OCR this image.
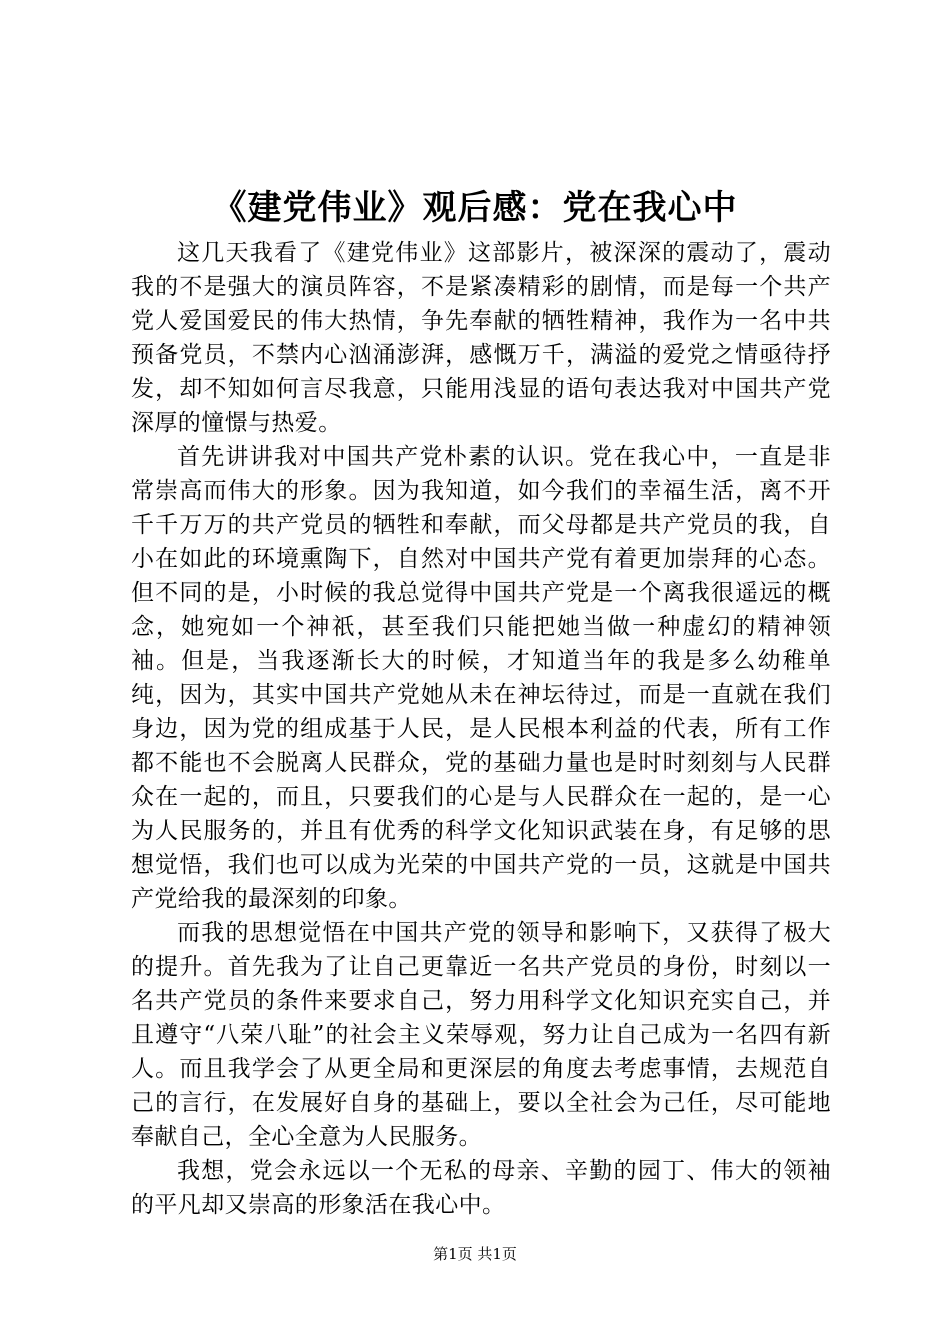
《建党伟业》观后感：党在我心中

这几天我看了《建党伟业》这部影片，被深深的震动了，震动我的不是强大的演员阵容，不是紧凑精彩的剧情，而是每一个共产党人爱国爱民的伟大热情，争先奉献的牺牲精神，我作为一名中共预备党员，不禁内心汹涌澎湃，感慨万千，满溢的爱党之情亟待抒发，却不知如何言尽我意，只能用浅显的语句表达我对中国共产党深厚的憧憬与热爱。

首先讲讲我对中国共产党朴素的认识。党在我心中，一直是非常崇高而伟大的形象。因为我知道，如今我们的幸福生活，离不开千千万万的共产党员的牺牲和奉献，而父母都是共产党员的我，自小在如此的环境熏陶下，自然对中国共产党有着更加崇拜的心态。但不同的是，小时候的我总觉得中国共产党是一个离我很遥远的概念，她宛如一个神祇，甚至我们只能把她当做一种虚幻的精神领袖。但是，当我逐渐长大的时候，才知道当年的我是多么幼稚单纯，因为，其实中国共产党她从未在神坛待过，而是一直就在我们身边，因为党的组成基于人民，是人民根本利益的代表，所有工作都不能也不会脱离人民群众，党的基础力量也是时时刻刻与人民群众在一起的，而且，只要我们的心是与人民群众在一起的，是一心为人民服务的，并且有优秀的科学文化知识武装在身，有足够的思想觉悟，我们也可以成为光荣的中国共产党的一员，这就是中国共产党给我的最深刻的印象。

而我的思想觉悟在中国共产党的领导和影响下，又获得了极大的提升。首先我为了让自己更靠近一名共产党员的身份，时刻以一名共产党员的条件来要求自己，努力用科学文化知识充实自己，并且遵守“八荣八耻”的社会主义荣辱观，努力让自己成为一名四有新人。而且我学会了从更全局和更深层的角度去考虑事情，去规范自己的言行，在发展好自身的基础上，要以全社会为己任，尽可能地奉献自己，全心全意为人民服务。

我想，党会永远以一个无私的母亲、辛勤的园丁、伟大的领袖的平凡却又崇高的形象活在我心中。

第1页 共1页
